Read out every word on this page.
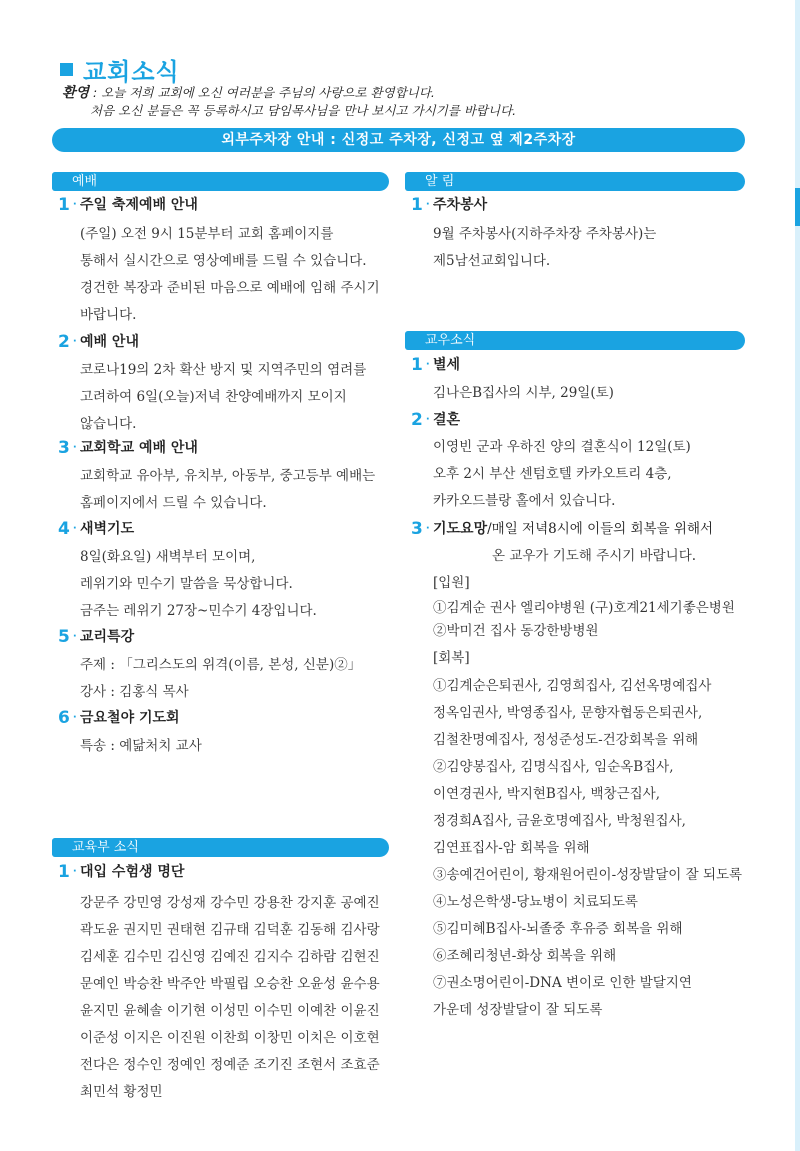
교회소식
환영 : 오늘 저희 교회에 오신 여러분을 주님의 사랑으로 환영합니다.
처음 오신 분들은 꼭 등록하시고 담임목사님을 만나 보시고 가시기를 바랍니다.
외부주차장 안내 : 신정고 주차장, 신정고 옆 제2주차장
예배
교육부 소식
알 림
교우소식
1 · 주일 축제예배 안내
(주일) 오전 9시 15분부터 교회 홈페이지를
통해서 실시간으로 영상예배를 드릴 수 있습니다.
경건한 복장과 준비된 마음으로 예배에 임해 주시기
바랍니다.
2 · 예배 안내
코로나19의 2차 확산 방지 및 지역주민의 염려를
고려하여 6일(오늘)저녁 찬양예배까지 모이지
않습니다.
3 · 교회학교 예배 안내
교회학교 유아부, 유치부, 아동부, 중고등부 예배는
홈페이지에서 드릴 수 있습니다.
4 · 새벽기도
8일(화요일) 새벽부터 모이며,
레위기와 민수기 말씀을 묵상합니다.
금주는 레위기 27장~민수기 4장입니다.
5 · 교리특강
주제 : 「그리스도의 위격(이름, 본성, 신분)②」
강사 : 김홍식 목사
6 · 금요철야 기도회
특송 : 예닮처치 교사
1 · 대입 수험생 명단
강문주 강민영 강성재 강수민 강용찬 강지훈 공예진
곽도윤 권지민 권태현 김규태 김덕훈 김동해 김사랑
김세훈 김수민 김신영 김예진 김지수 김하람 김현진
문예인 박승찬 박주안 박필립 오승찬 오윤성 윤수용
윤지민 윤혜솔 이기현 이성민 이수민 이예찬 이윤진
이준성 이지은 이진원 이찬희 이창민 이치은 이호현
전다은 정수인 정예인 정예준 조기진 조현서 조효준
최민석 황정민
1 · 주차봉사
9월 주차봉사(지하주차장 주차봉사)는
제5남선교회입니다.
1 · 별세
김나은B집사의 시부, 29일(토)
2 · 결혼
이영빈 군과 우하진 양의 결혼식이 12일(토)
오후 2시 부산 센텀호텔 카카오트리 4층,
카카오드블랑 홀에서 있습니다.
3 · 기도요망/매일 저녁8시에 이들의 회복을 위해서
온 교우가 기도해 주시기 바랍니다.
[입원]
①김계순 권사 엘리야병원 (구)호계21세기좋은병원
②박미건 집사 동강한방병원
[회복]
①김계순은퇴권사, 김영희집사, 김선옥명예집사
정옥임권사, 박영종집사, 문향자협동은퇴권사,
김철찬명예집사, 정성준성도-건강회복을 위해
②김양봉집사, 김명식집사, 임순옥B집사,
이연경권사, 박지현B집사, 백창근집사,
정경희A집사, 금윤호명예집사, 박청원집사,
김연표집사-암 회복을 위해
③송예건어린이, 황재원어린이-성장발달이 잘 되도록
④노성은학생-당뇨병이 치료되도록
⑤김미혜B집사-뇌졸중 후유증 회복을 위해
⑥조혜리청년-화상 회복을 위해
⑦권소명어린이-DNA 변이로 인한 발달지연
가운데 성장발달이 잘 되도록
